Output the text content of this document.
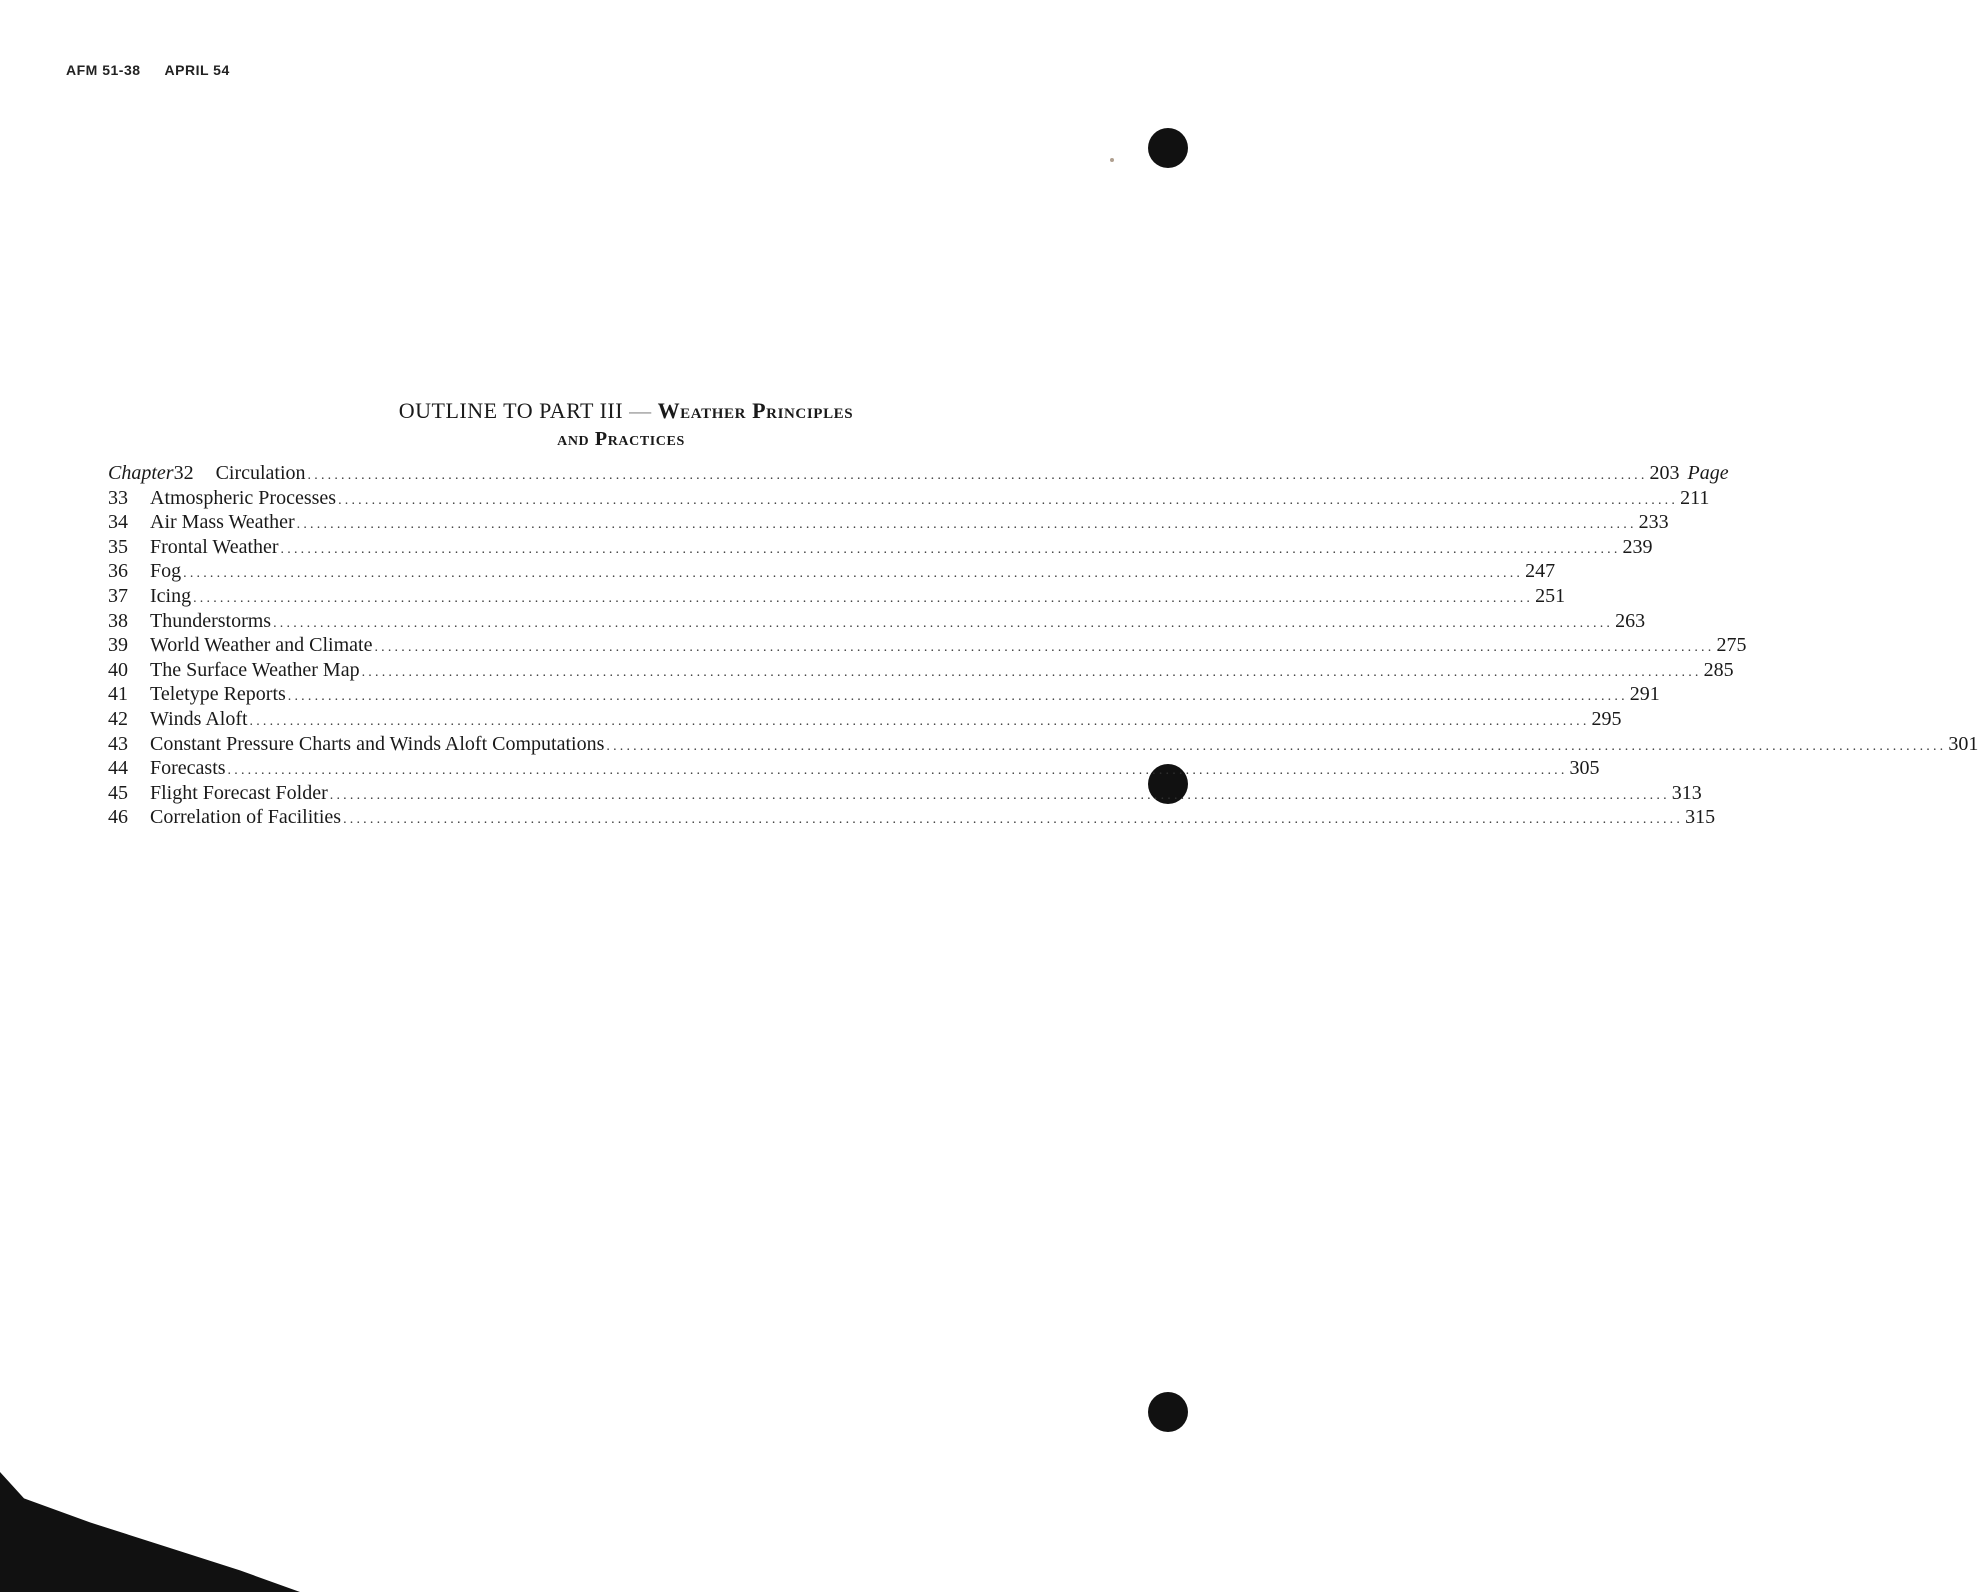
AFM 51-38 APRIL 54
OUTLINE TO PART III — Weather Principles
and Practices
Chapter 32 Circulation ........................................................................................................................................................................................................ 203 Page
33 Atmospheric Processes ........................................................................................................................................................................................................ 211
34 Air Mass Weather ........................................................................................................................................................................................................ 233
35 Frontal Weather ........................................................................................................................................................................................................ 239
36 Fog ........................................................................................................................................................................................................ 247
37 Icing ........................................................................................................................................................................................................ 251
38 Thunderstorms ........................................................................................................................................................................................................ 263
39 World Weather and Climate ........................................................................................................................................................................................................ 275
40 The Surface Weather Map ........................................................................................................................................................................................................ 285
41 Teletype Reports ........................................................................................................................................................................................................ 291
42 Winds Aloft ........................................................................................................................................................................................................ 295
43 Constant Pressure Charts and Winds Aloft Computations ........................................................................................................................................................................................................ 301
44 Forecasts ........................................................................................................................................................................................................ 305
45 Flight Forecast Folder ........................................................................................................................................................................................................ 313
46 Correlation of Facilities ........................................................................................................................................................................................................ 315
